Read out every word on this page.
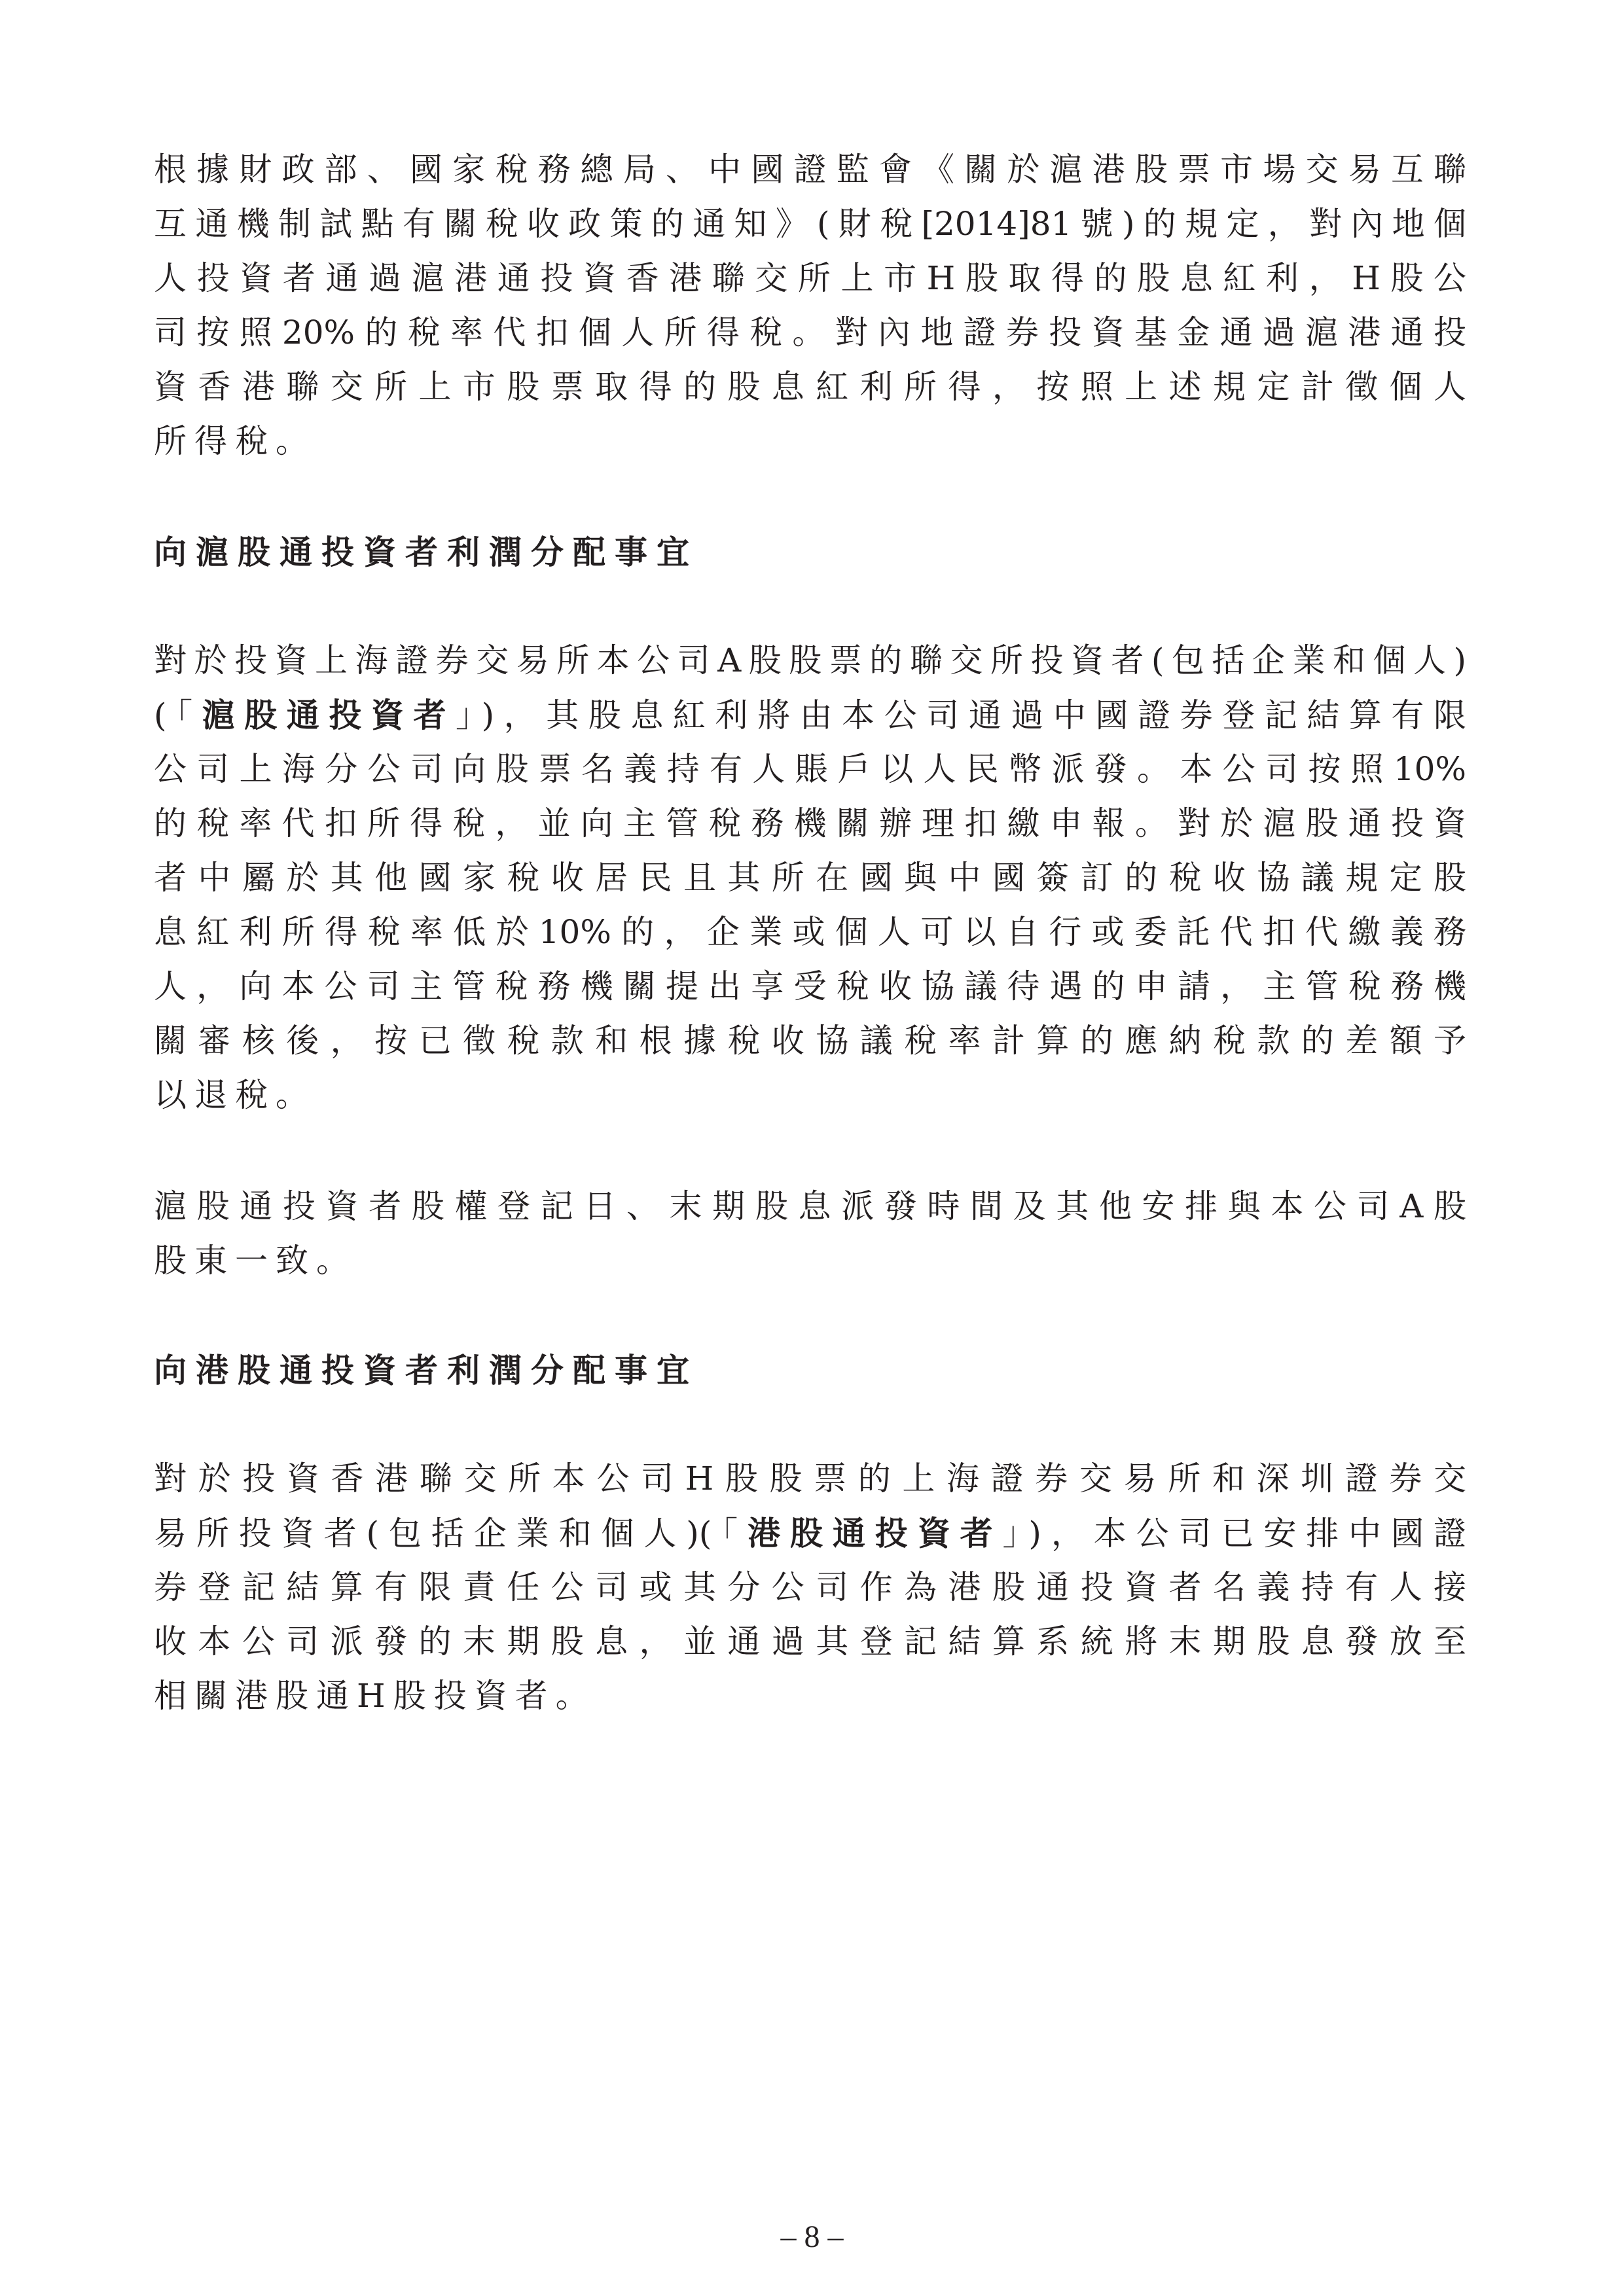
根據財政部、國家稅務總局、中國證監會《關於滬港股票市場交易互聯
互通機制試點有關稅收政策的通知》(財稅[2014]81號)的規定，對內地個
人投資者通過滬港通投資香港聯交所上市H股取得的股息紅利，H股公
司按照20%的稅率代扣個人所得稅。對內地證券投資基金通過滬港通投
資香港聯交所上市股票取得的股息紅利所得，按照上述規定計徵個人
所得稅。
向滬股通投資者利潤分配事宜
對於投資上海證券交易所本公司A股股票的聯交所投資者(包括企業和個人)
(「滬股通投資者」)，其股息紅利將由本公司通過中國證券登記結算有限
公司上海分公司向股票名義持有人賬戶以人民幣派發。本公司按照10%
的稅率代扣所得稅，並向主管稅務機關辦理扣繳申報。對於滬股通投資
者中屬於其他國家稅收居民且其所在國與中國簽訂的稅收協議規定股
息紅利所得稅率低於10%的，企業或個人可以自行或委託代扣代繳義務
人，向本公司主管稅務機關提出享受稅收協議待遇的申請，主管稅務機
關審核後，按已徵稅款和根據稅收協議稅率計算的應納稅款的差額予
以退稅。
滬股通投資者股權登記日、末期股息派發時間及其他安排與本公司A股
股東一致。
向港股通投資者利潤分配事宜
對於投資香港聯交所本公司H股股票的上海證券交易所和深圳證券交
易所投資者(包括企業和個人)(「港股通投資者」)，本公司已安排中國證
券登記結算有限責任公司或其分公司作為港股通投資者名義持有人接
收本公司派發的末期股息，並通過其登記結算系統將末期股息發放至
相關港股通H股投資者。
– 8 –
